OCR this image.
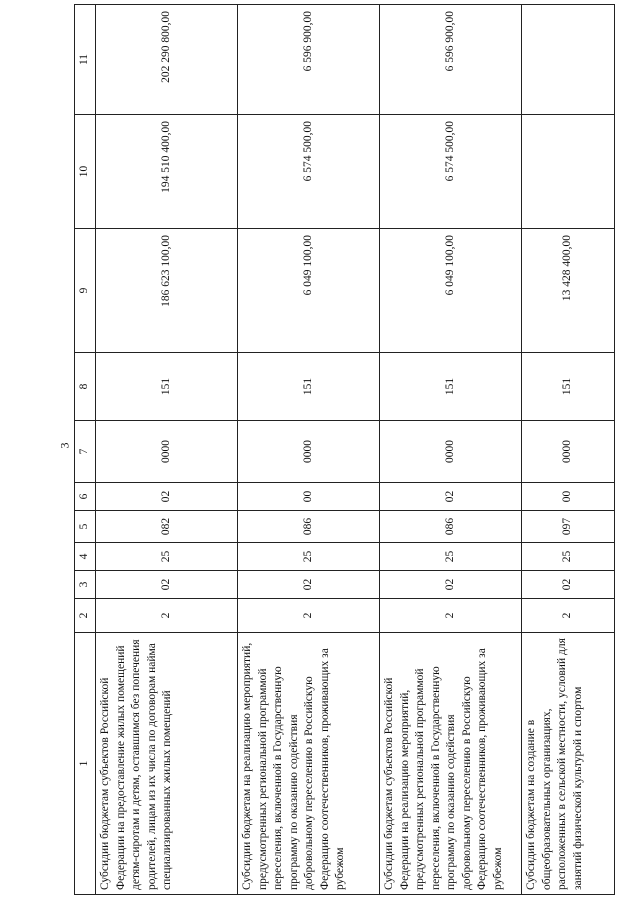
3
1	2	3	4	5	6	7	8	9	10	11
Субсидии бюджетам субъектов Российской Федерации на предоставление жилых помещений детям-сиротам и детям, оставшимся без попечения родителей, лицам из их числа по договорам найма специализированных жилых помещений	2	02	25	082	02	0000	151	186 623 100,00	194 510 400,00	202 290 800,00
Субсидии бюджетам на реализацию мероприятий, предусмотренных региональной программой переселения, включенной в Государственную программу по оказанию содействия добровольному переселению в Российскую Федерацию соотечественников, проживающих за рубежом	2	02	25	086	00	0000	151	6 049 100,00	6 574 500,00	6 596 900,00
Субсидии бюджетам субъектов Российской Федерации на реализацию мероприятий, предусмотренных региональной программой переселения, включенной в Государственную программу по оказанию содействия добровольному переселению в Российскую Федерацию соотечественников, проживающих за рубежом	2	02	25	086	02	0000	151	6 049 100,00	6 574 500,00	6 596 900,00
Субсидии бюджетам на создание в общеобразовательных организациях, расположенных в сельской местности, условий для занятий физической культурой и спортом	2	02	25	097	00	0000	151	13 428 400,00		
